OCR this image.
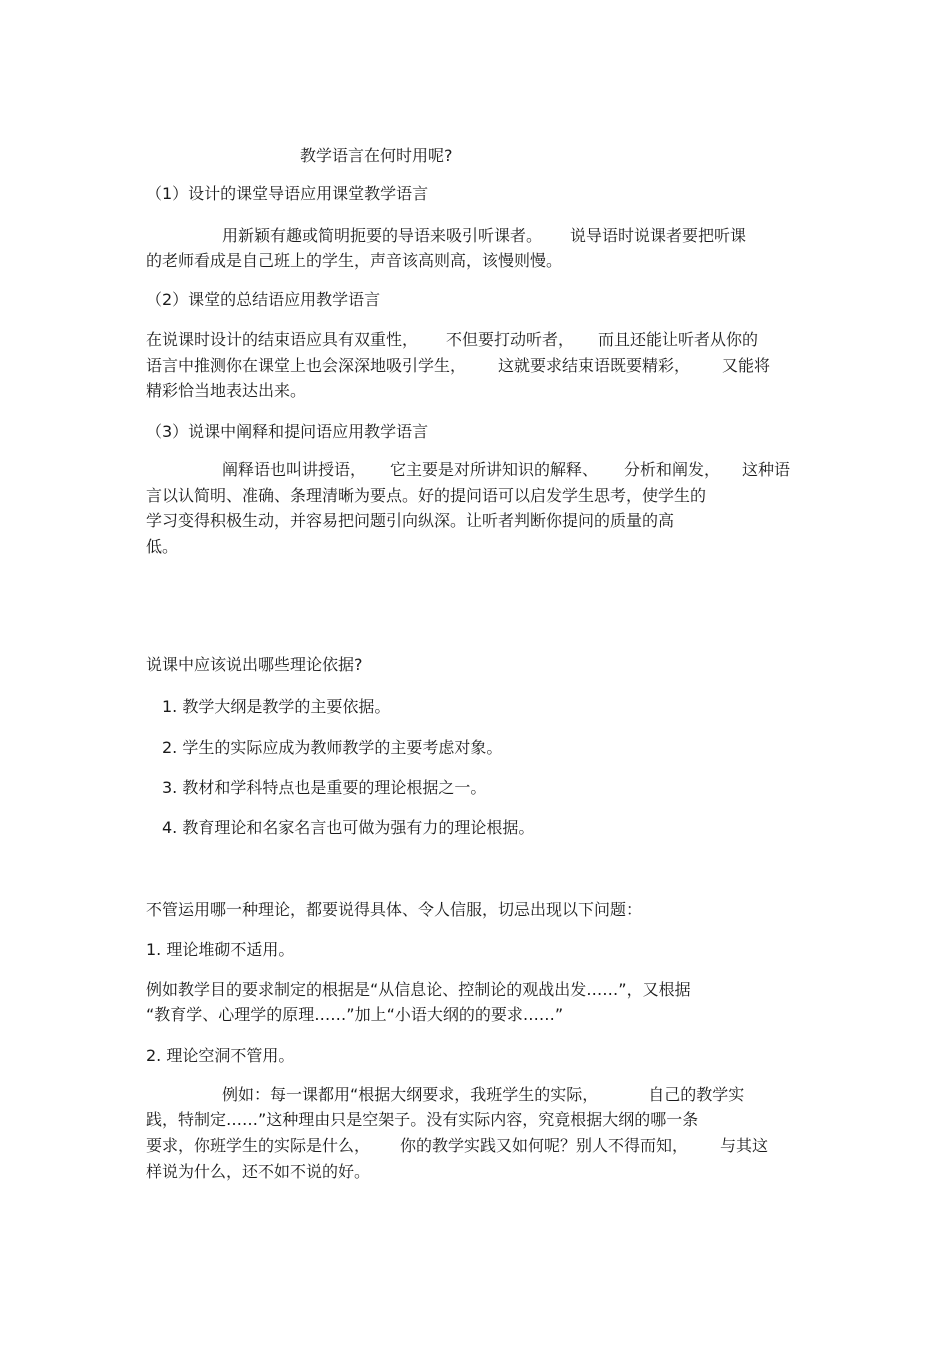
教学语言在何时用呢?
（1）设计的课堂导语应用课堂教学语言
用新颖有趣或简明扼要的导语来吸引听课者。 说导语时说课者要把听课
的老师看成是自己班上的学生，声音该高则高，该慢则慢。
（2）课堂的总结语应用教学语言
在说课时设计的结束语应具有双重性， 不但要打动听者， 而且还能让听者从你的
语言中推测你在课堂上也会深深地吸引学生， 这就要求结束语既要精彩， 又能将
精彩恰当地表达出来。
（3）说课中阐释和提问语应用教学语言
阐释语也叫讲授语， 它主要是对所讲知识的解释、 分析和阐发， 这种语
言以认简明、准确、条理清晰为要点。好的提问语可以启发学生思考，使学生的
学习变得积极生动，并容易把问题引向纵深。让听者判断你提问的质量的高
低。
说课中应该说出哪些理论依据?
1. 教学大纲是教学的主要依据。
2. 学生的实际应成为教师教学的主要考虑对象。
3. 教材和学科特点也是重要的理论根据之一。
4. 教育理论和名家名言也可做为强有力的理论根据。
不管运用哪一种理论，都要说得具体、令人信服，切忌出现以下问题：
1. 理论堆砌不适用。
例如教学目的要求制定的根据是“从信息论、控制论的观战出发……”，又根据
“教育学、心理学的原理……”加上“小语大纲的的要求……”
2. 理论空洞不管用。
例如：每一课都用“根据大纲要求，我班学生的实际，	自己的教学实
践，特制定……”这种理由只是空架子。没有实际内容，究竟根据大纲的哪一条
要求，你班学生的实际是什么， 你的教学实践又如何呢？别人不得而知， 与其这
样说为什么，还不如不说的好。
